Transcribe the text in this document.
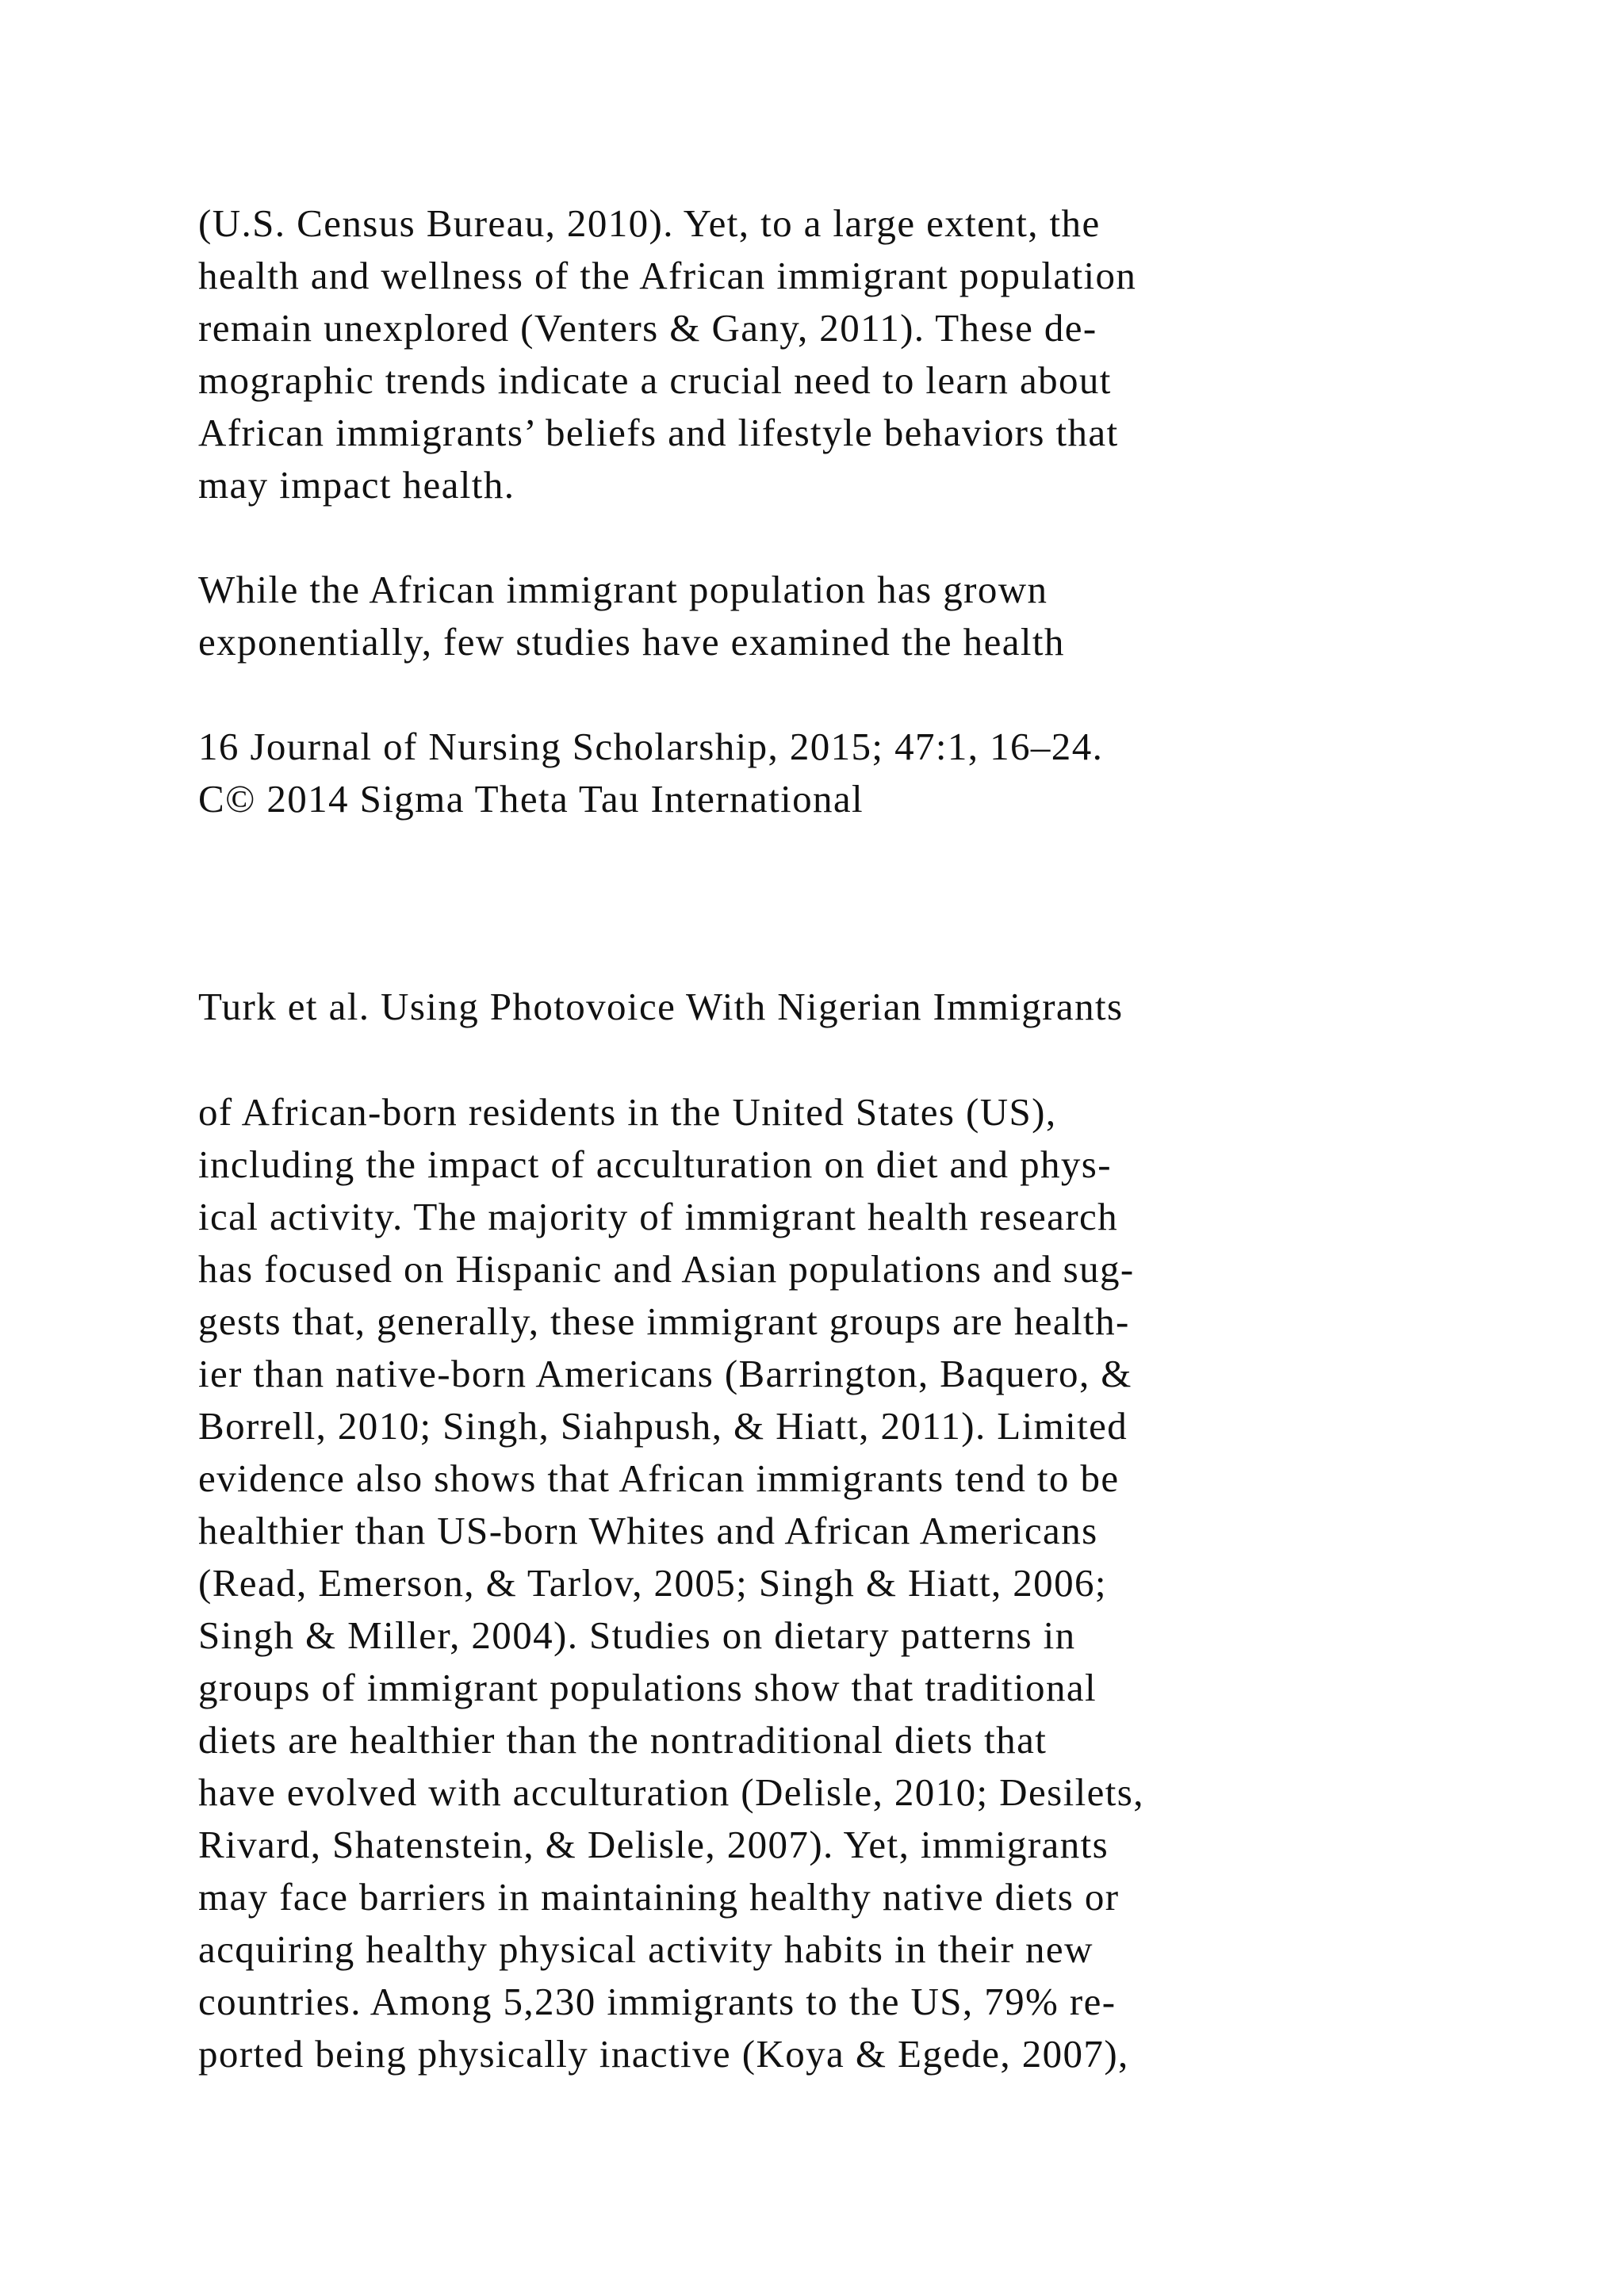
(U.S. Census Bureau, 2010). Yet, to a large extent, the

health and wellness of the African immigrant population

remain unexplored (Venters & Gany, 2011). These de-

mographic trends indicate a crucial need to learn about

African immigrants’ beliefs and lifestyle behaviors that

may impact health.

While the African immigrant population has grown

exponentially, few studies have examined the health

16 Journal of Nursing Scholarship, 2015; 47:1, 16–24.

C© 2014 Sigma Theta Tau International

Turk et al. Using Photovoice With Nigerian Immigrants

of African-born residents in the United States (US),

including the impact of acculturation on diet and phys-

ical activity. The majority of immigrant health research

has focused on Hispanic and Asian populations and sug-

gests that, generally, these immigrant groups are health-

ier than native-born Americans (Barrington, Baquero, &

Borrell, 2010; Singh, Siahpush, & Hiatt, 2011). Limited

evidence also shows that African immigrants tend to be

healthier than US-born Whites and African Americans

(Read, Emerson, & Tarlov, 2005; Singh & Hiatt, 2006;

Singh & Miller, 2004). Studies on dietary patterns in

groups of immigrant populations show that traditional

diets are healthier than the nontraditional diets that

have evolved with acculturation (Delisle, 2010; Desilets,

Rivard, Shatenstein, & Delisle, 2007). Yet, immigrants

may face barriers in maintaining healthy native diets or

acquiring healthy physical activity habits in their new

countries. Among 5,230 immigrants to the US, 79% re-

ported being physically inactive (Koya & Egede, 2007),
